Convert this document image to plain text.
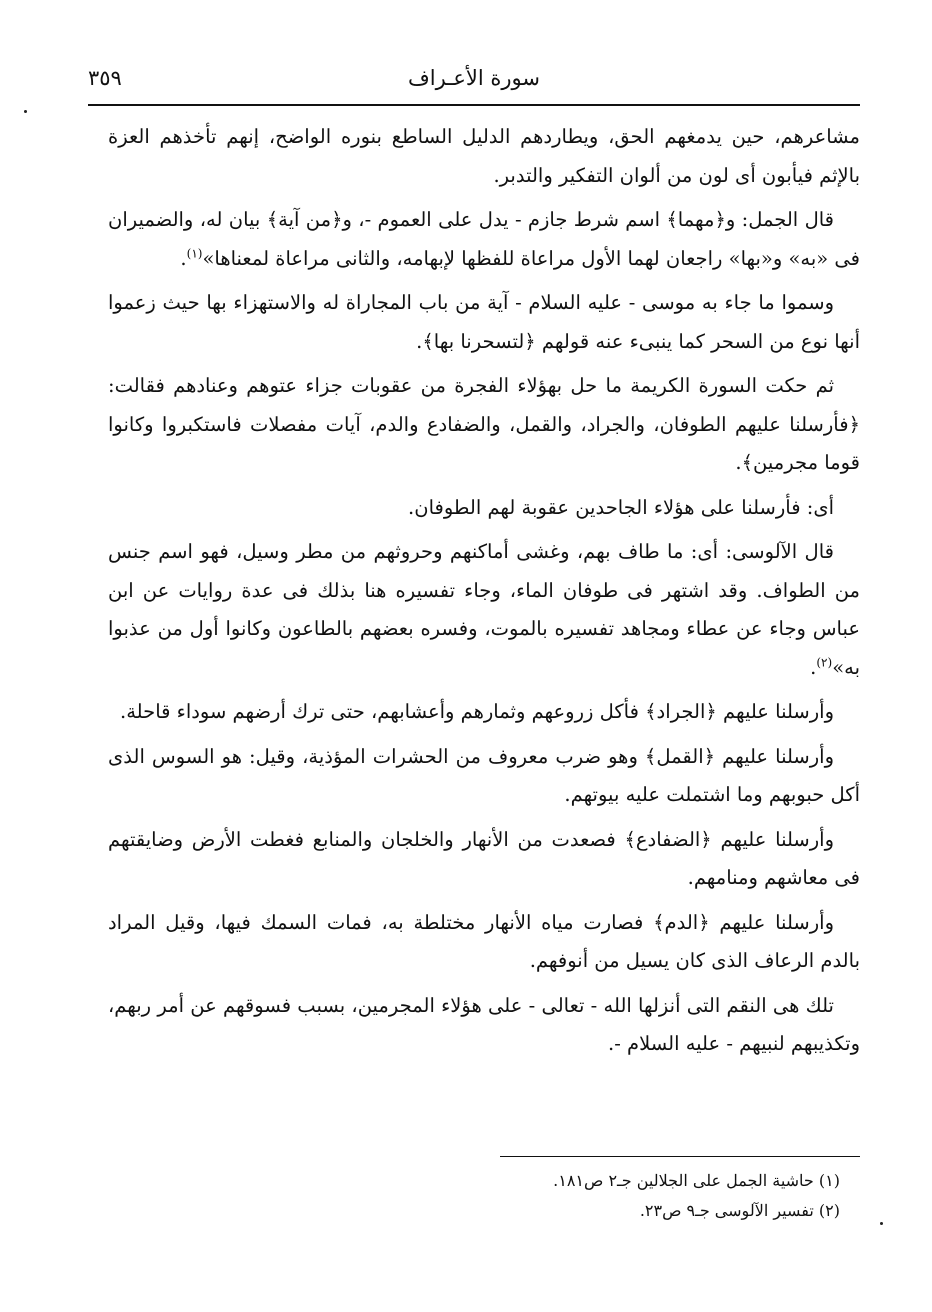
سورة الأعـراف
٣٥٩

مشاعرهم، حين يدمغهم الحق، ويطاردهم الدليل الساطع بنوره الواضح، إنهم تأخذهم العزة بالإثم فيأبون أى لون من ألوان التفكير والتدبر.

قال الجمل: و﴿مهما﴾ اسم شرط جازم - يدل على العموم -، و﴿من آية﴾ بيان له، والضميران فى «به» و«بها» راجعان لهما الأول مراعاة للفظها لإبهامه، والثانى مراعاة لمعناها»$^{(١)}$.

وسموا ما جاء به موسى - عليه السلام - آية من باب المجاراة له والاستهزاء بها حيث زعموا أنها نوع من السحر كما ينبىء عنه قولهم ﴿لتسحرنا بها﴾.

ثم حكت السورة الكريمة ما حل بهؤلاء الفجرة من عقوبات جزاء عتوهم وعنادهم فقالت: ﴿فأرسلنا عليهم الطوفان، والجراد، والقمل، والضفادع والدم، آيات مفصلات فاستكبروا وكانوا قوما مجرمين﴾.

أى: فأرسلنا على هؤلاء الجاحدين عقوبة لهم الطوفان.

قال الآلوسى: أى: ما طاف بهم، وغشى أماكنهم وحروثهم من مطر وسيل، فهو اسم جنس من الطواف. وقد اشتهر فى طوفان الماء، وجاء تفسيره هنا بذلك فى عدة روايات عن ابن عباس وجاء عن عطاء ومجاهد تفسيره بالموت، وفسره بعضهم بالطاعون وكانوا أول من عذبوا به»$^{(٢)}$.

وأرسلنا عليهم ﴿الجراد﴾ فأكل زروعهم وثمارهم وأعشابهم، حتى ترك أرضهم سوداء قاحلة.

وأرسلنا عليهم ﴿القمل﴾ وهو ضرب معروف من الحشرات المؤذية، وقيل: هو السوس الذى أكل حبوبهم وما اشتملت عليه بيوتهم.

وأرسلنا عليهم ﴿الضفادع﴾ فصعدت من الأنهار والخلجان والمنابع فغطت الأرض وضايقتهم فى معاشهم ومنامهم.

وأرسلنا عليهم ﴿الدم﴾ فصارت مياه الأنهار مختلطة به، فمات السمك فيها، وقيل المراد بالدم الرعاف الذى كان يسيل من أنوفهم.

تلك هى النقم التى أنزلها الله - تعالى - على هؤلاء المجرمين، بسبب فسوقهم عن أمر ربهم، وتكذيبهم لنبيهم - عليه السلام -.

(١) حاشية الجمل على الجلالين جـ٢ ص١٨١.

(٢) تفسير الآلوسى جـ٩ ص٢٣.
